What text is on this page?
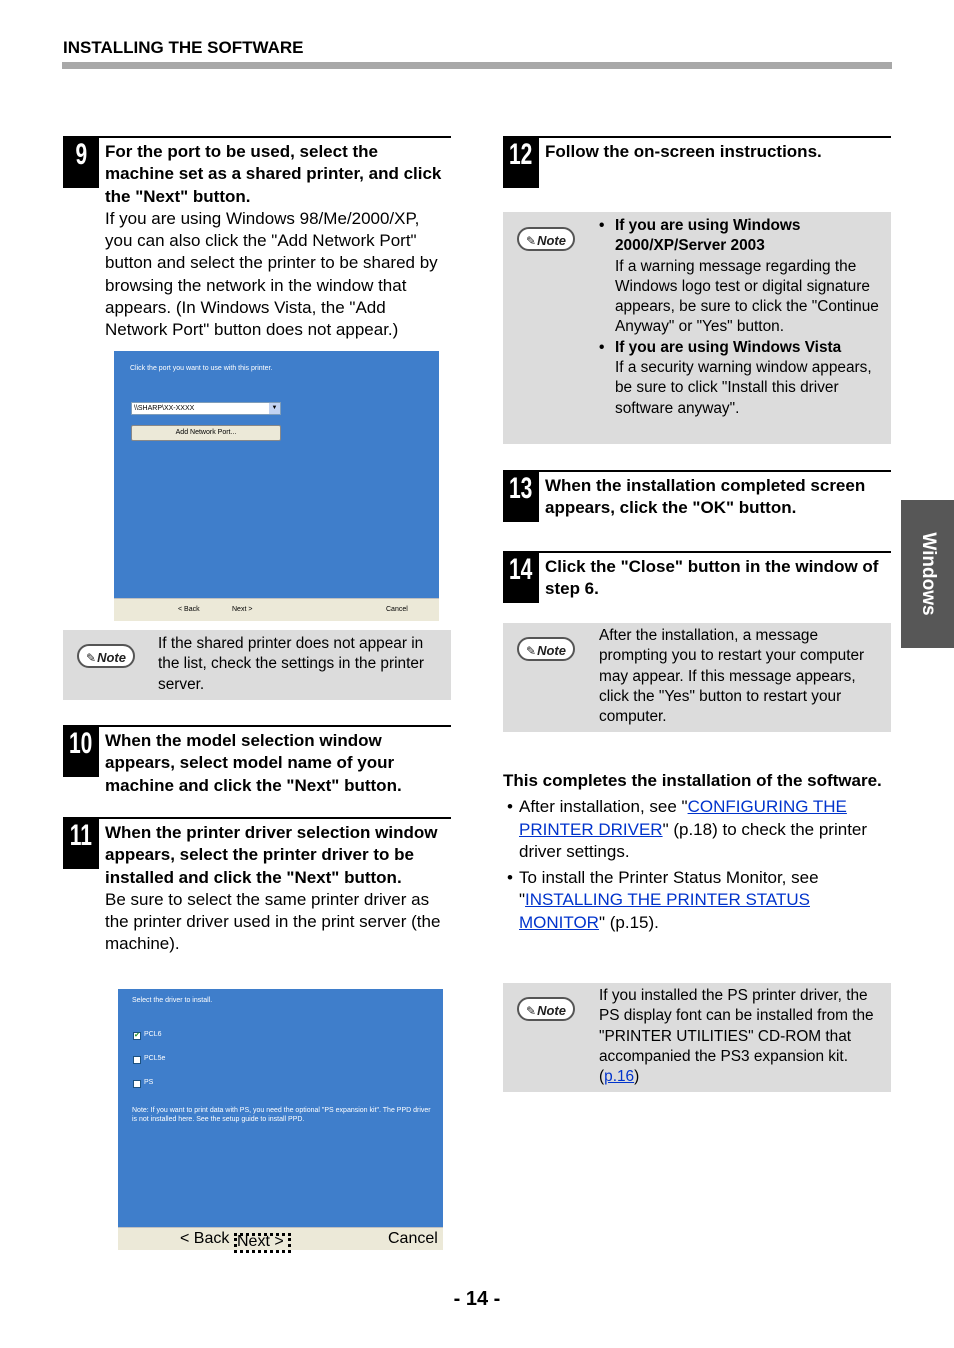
INSTALLING THE SOFTWARE
9	For the port to be used, select the machine set as a shared printer, and click the "Next" button.
If you are using Windows 98/Me/2000/XP, you can also click the "Add Network Port" button and select the printer to be shared by browsing the network in the window that appears. (In Windows Vista, the "Add Network Port" button does not appear.)
Click the port you want to use with this printer.
\\SHARP\XX-XXXX	▼
Add Network Port...
< Back	Next >	Cancel
✎Note
If the shared printer does not appear in the list, check the settings in the printer server.
10 When the model selection window appears, select model name of your machine and click the "Next" button.
11 When the printer driver selection window appears, select the printer driver to be installed and click the "Next" button.
Be sure to select the same printer driver as the printer driver used in the print server (the machine).
Select the driver to install.
✔ PCL6
PCL5e
PS
Note: If you want to print data with PS, you need the optional "PS expansion kit". The PPD driver is not installed here. See the setup guide to install PPD.
< Back Next >	Cancel
12 Follow the on-screen instructions.
✎Note
• If you are using Windows 2000/XP/Server 2003
If a warning message regarding the Windows logo test or digital signature appears, be sure to click the "Continue Anyway" or "Yes" button.
• If you are using Windows Vista
If a security warning window appears, be sure to click "Install this driver software anyway".
13 When the installation completed screen appears, click the "OK" button.
14 Click the "Close" button in the window of step 6.
✎Note
After the installation, a message prompting you to restart your computer may appear. If this message appears, click the "Yes" button to restart your computer.
This completes the installation of the software.
• After installation, see "CONFIGURING THE PRINTER DRIVER" (p.18) to check the printer driver settings.
• To install the Printer Status Monitor, see "INSTALLING THE PRINTER STATUS MONITOR" (p.15).
✎Note
If you installed the PS printer driver, the PS display font can be installed from the "PRINTER UTILITIES" CD-ROM that accompanied the PS3 expansion kit. (p.16)
Windows
- 14 -
